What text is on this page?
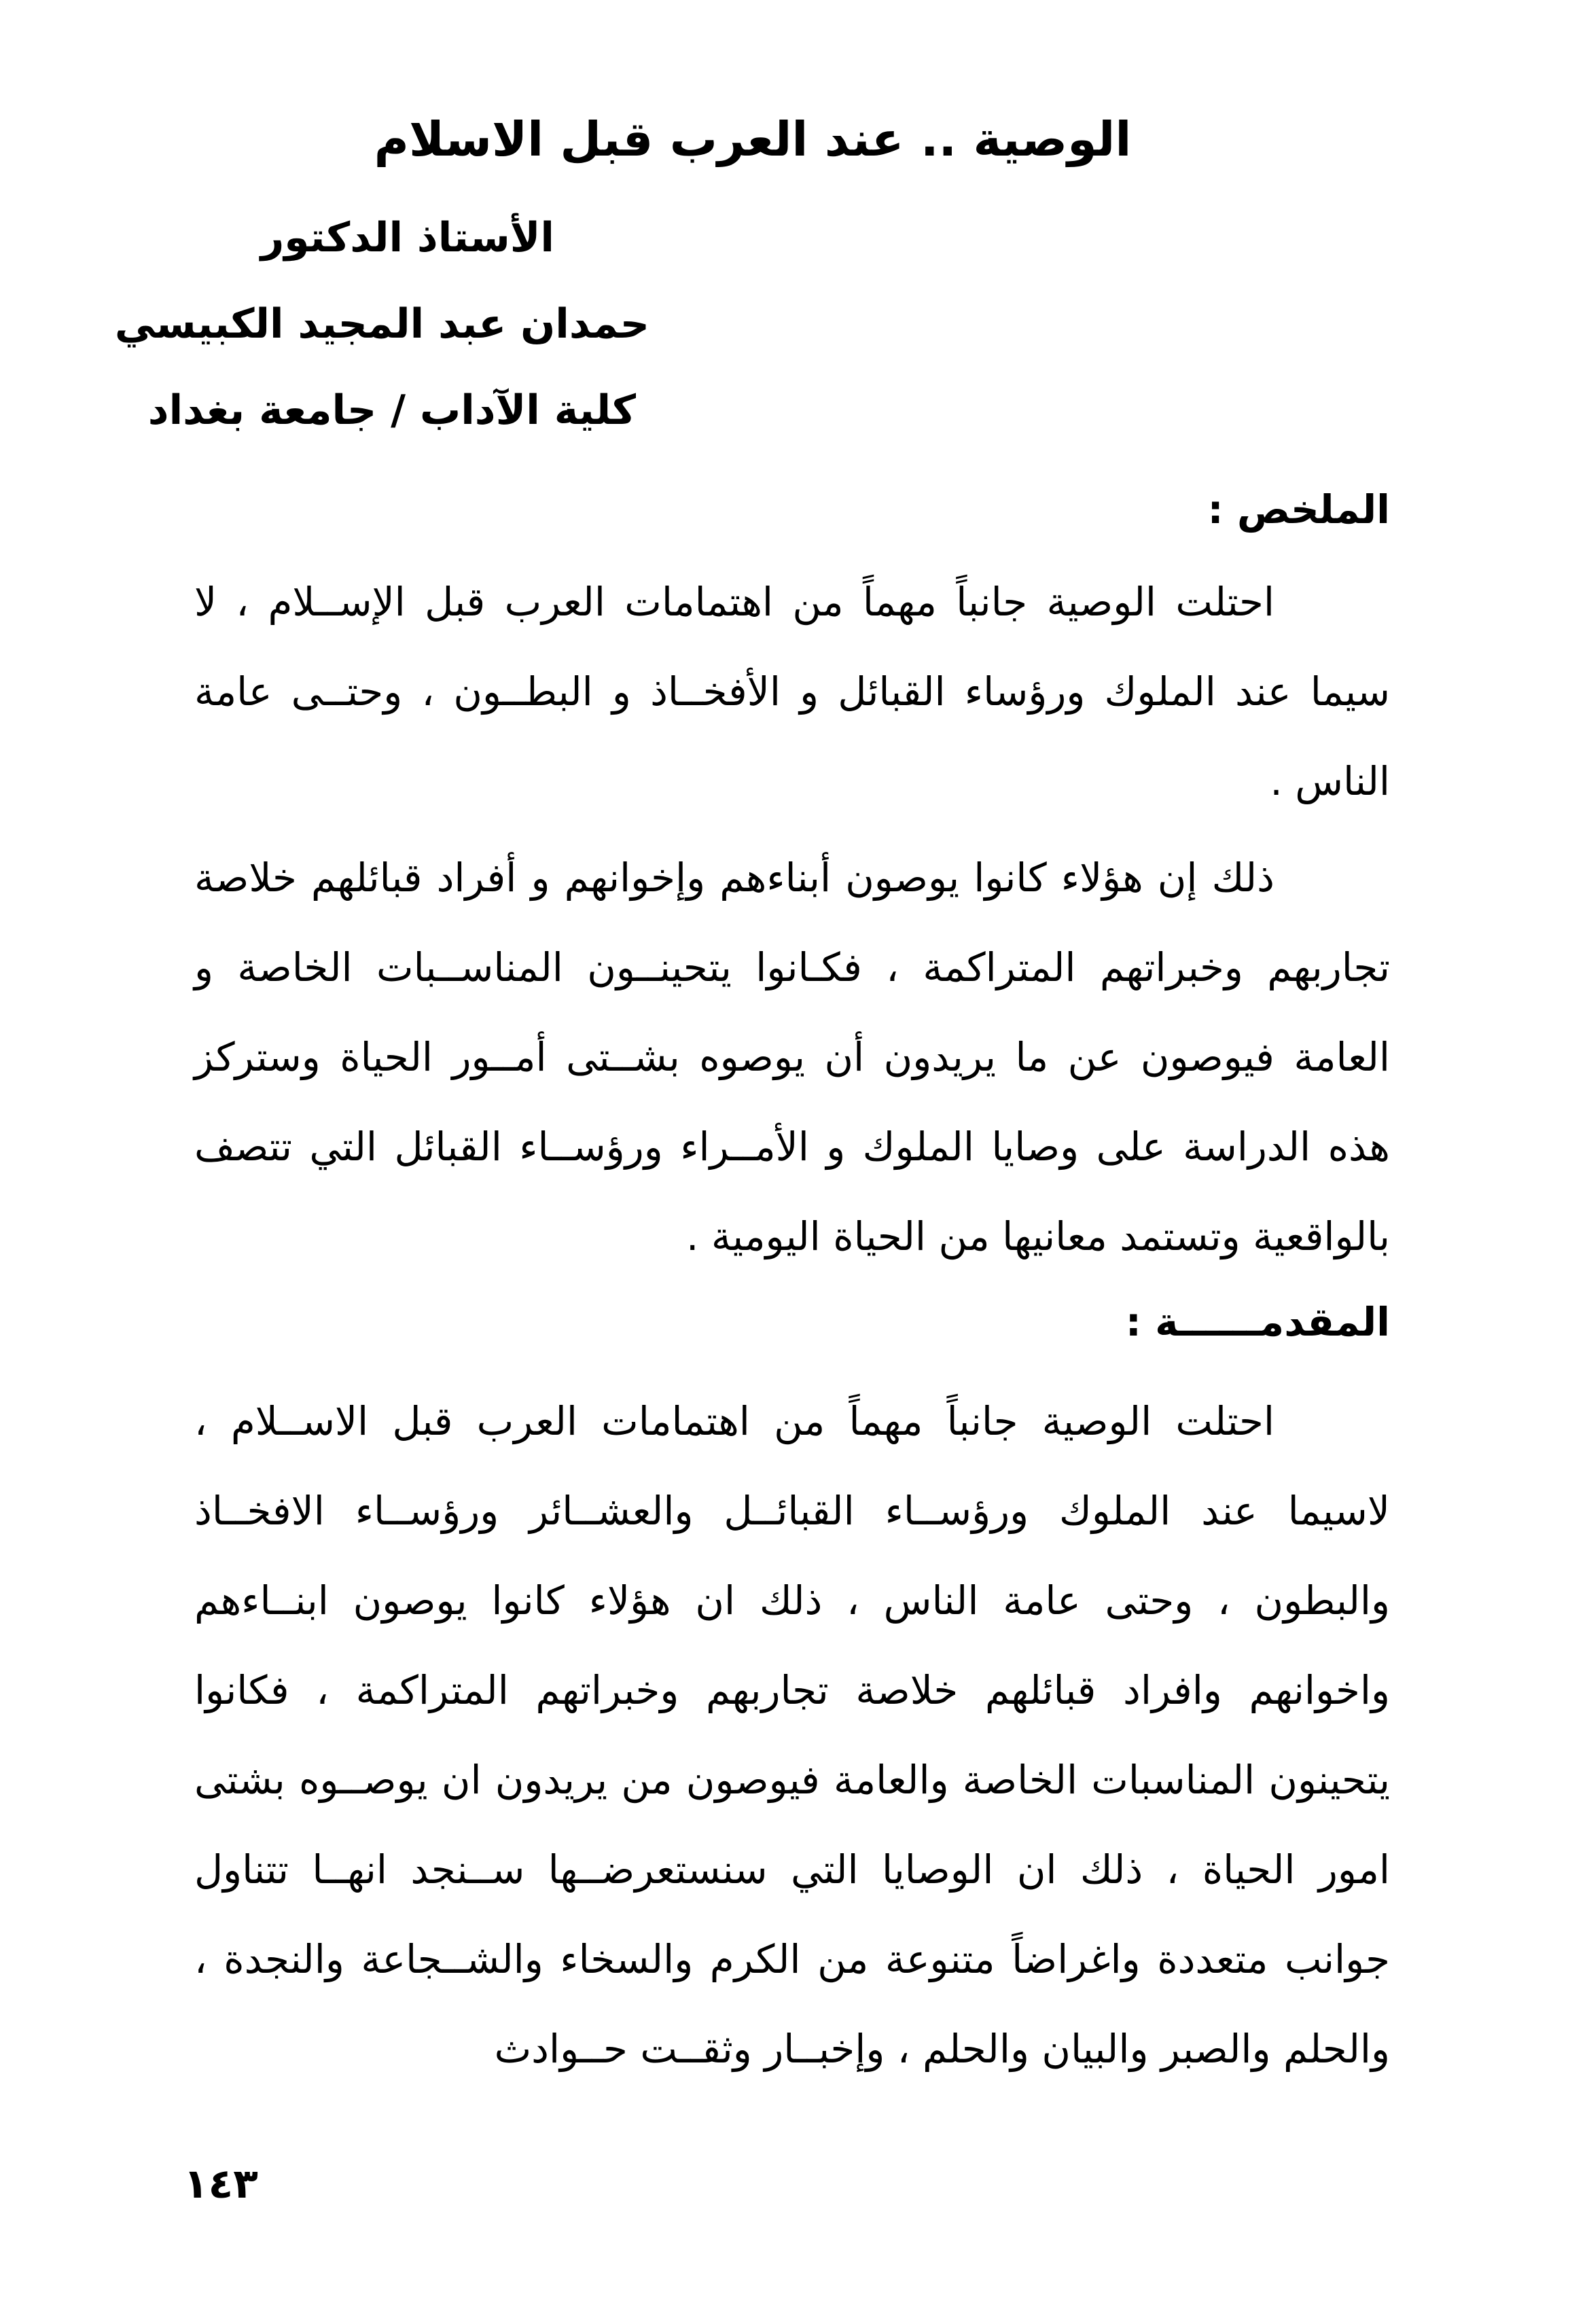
الوصية .. عند العرب قبل الاسلام

الأستاذ الدكتور

حمدان عبد المجيد الكبيسي

كلية الآداب / جامعة بغداد

الملخص :

احتلت الوصية جانباً مهماً من اهتمامات العرب قبل الإســلام ، لا سيما عند الملوك ورؤساء القبائل و الأفخــاذ و البطــون ، وحتــى عامة الناس .

ذلك إن هؤلاء كانوا يوصون أبناءهم وإخوانهم و أفراد قبائلهم خلاصة تجاربهم وخبراتهم المتراكمة ، فكـانوا يتحينــون المناســبات الخاصة و العامة فيوصون عن ما يريدون أن يوصوه بشــتى أمــور الحياة وستركز هذه الدراسة على وصايا الملوك و الأمــراء ورؤســاء القبائل التي تتصف بالواقعية وتستمد معانيها من الحياة اليومية .

المقدمــــــة :

احتلت الوصية جانباً مهماً من اهتمامات العرب قبل الاســلام ، لاسيما عند الملوك ورؤســاء القبائــل والعشــائر ورؤســاء الافخــاذ والبطون ، وحتى عامة الناس ، ذلك ان هؤلاء كانوا يوصون ابنــاءهم واخوانهم وافراد قبائلهم خلاصة تجاربهم وخبراتهم المتراكمة ، فكانوا يتحينون المناسبات الخاصة والعامة فيوصون من يريدون ان يوصــوه بشتى امور الحياة ، ذلك ان الوصايا التي سنستعرضــها ســنجد انهــا تتناول جوانب متعددة واغراضاً متنوعة من الكرم والسخاء والشــجاعة والنجدة ، والحلم والصبر والبيان والحلم ، وإخبــار وثقــت حــوادث

١٤٣
